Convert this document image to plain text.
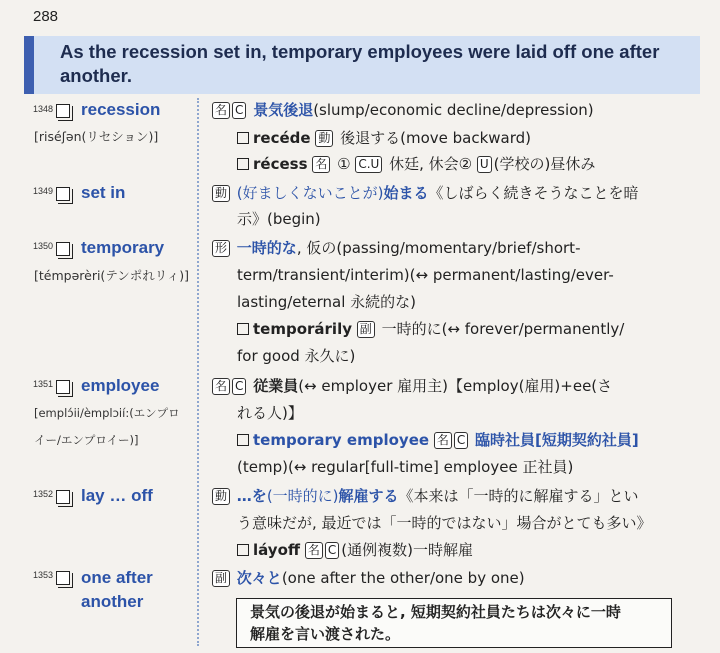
288
As the recession set in, temporary employees were laid off one after
another.
1348 recession
[riséʃən(リセション)]
名 C 景気後退(slump/economic decline/depression)
recéde 動 後退する(move backward)
récess 名 ① C.U 休廷, 休会② U (学校の)昼休み
1349 set in	動 (好ましくないことが)始まる《しばらく続きそうなことを暗
示》(begin)
1350 temporary
[témpərèri(テンポれリィ)]
形 一時的な, 仮の(passing/momentary/brief/short-
term/transient/interim)(↔ permanent/lasting/ever-
lasting/eternal 永続的な)
temporárily 副 一時的に(↔ forever/permanently/
for good 永久に)
1351 employee
[emplɔ́ii/èmplɔií:(エンプロ
イー/エンプロイー)]
名 C 従業員(↔ employer 雇用主)【employ(雇用)+ee(さ
れる人)】
temporary employee 名 C 臨時社員[短期契約社員]
(temp)(↔ regular[full-time] employee 正社員)
1352 lay … off	動 …を(一時的に)解雇する《本来は「一時的に解雇する」とい
う意味だが, 最近では「一時的ではない」場合がとても多い》
láyoff 名 C (通例複数)一時解雇
1353 one after
another
副 次々と(one after the other/one by one)
景気の後退が始まると, 短期契約社員たちは次々に一時
解雇を言い渡された。
